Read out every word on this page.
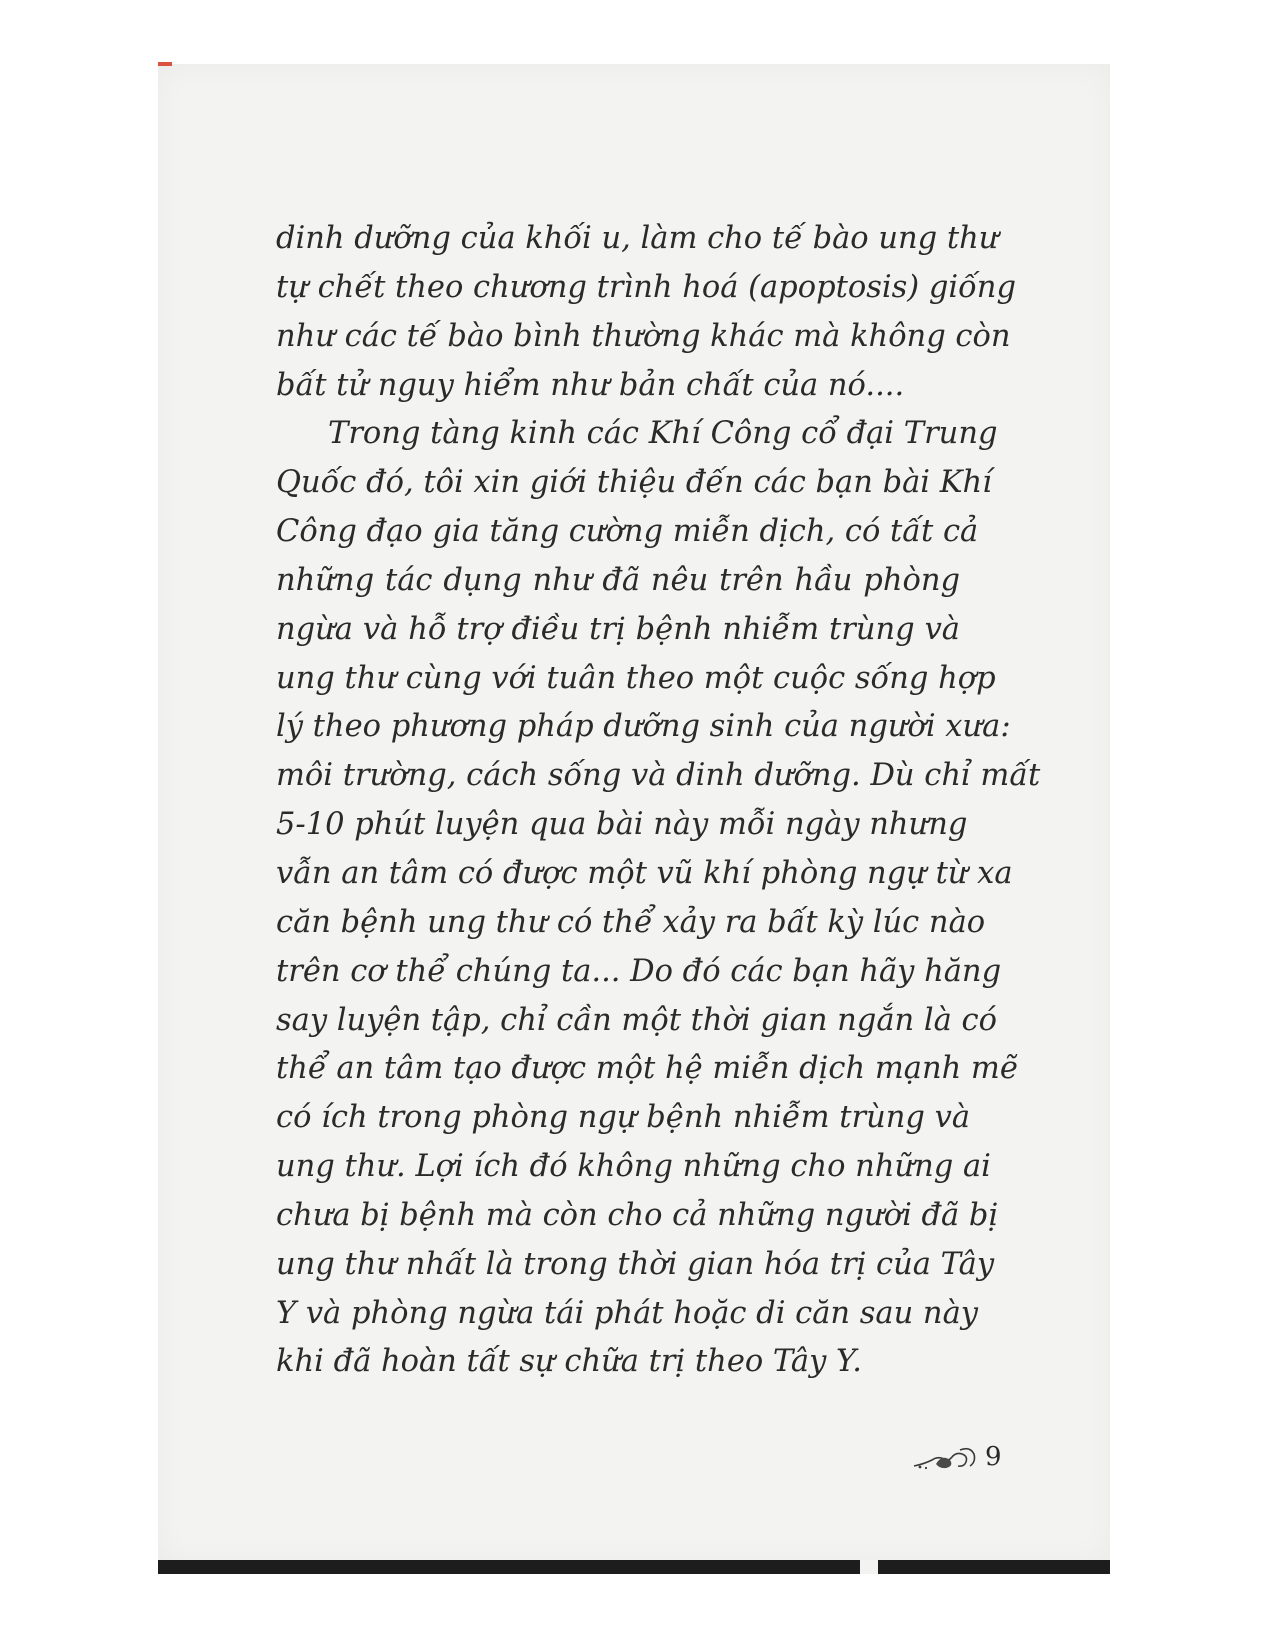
dinh dưỡng của khối u, làm cho tế bào ung thư
tự chết theo chương trình hoá (apoptosis) giống
như các tế bào bình thường khác mà không còn
bất tử nguy hiểm như bản chất của nó....
Trong tàng kinh các Khí Công cổ đại Trung
Quốc đó, tôi xin giới thiệu đến các bạn bài Khí
Công đạo gia tăng cường miễn dịch, có tất cả
những tác dụng như đã nêu trên hầu phòng
ngừa và hỗ trợ điều trị bệnh nhiễm trùng và
ung thư cùng với tuân theo một cuộc sống hợp
lý theo phương pháp dưỡng sinh của người xưa:
môi trường, cách sống và dinh dưỡng. Dù chỉ mất
5-10 phút luyện qua bài này mỗi ngày nhưng
vẫn an tâm có được một vũ khí phòng ngự từ xa
căn bệnh ung thư có thể xảy ra bất kỳ lúc nào
trên cơ thể chúng ta... Do đó các bạn hãy hăng
say luyện tập, chỉ cần một thời gian ngắn là có
thể an tâm tạo được một hệ miễn dịch mạnh mẽ
có ích trong phòng ngự bệnh nhiễm trùng và
ung thư. Lợi ích đó không những cho những ai
chưa bị bệnh mà còn cho cả những người đã bị
ung thư nhất là trong thời gian hóa trị của Tây
Y và phòng ngừa tái phát hoặc di căn sau này
khi đã hoàn tất sự chữa trị theo Tây Y.
9
